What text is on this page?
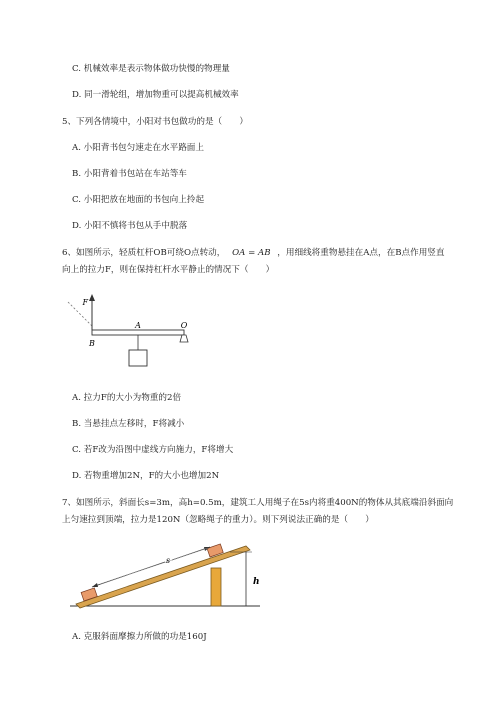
C. 机械效率是表示物体做功快慢的物理量
D. 同一滑轮组，增加物重可以提高机械效率
5、下列各情境中，小阳对书包做功的是（　　）
A. 小阳背书包匀速走在水平路面上
B. 小阳背着书包站在车站等车
C. 小阳把放在地面的书包向上拎起
D. 小阳不慎将书包从手中脱落
6、如图所示，轻质杠杆OB可绕O点转动， OA = AB ，用细线将重物悬挂在A点，在B点作用竖直
向上的拉力F，则在保持杠杆水平静止的情况下（　　）
F
A	O
B
A. 拉力F的大小为物重的2倍
B. 当悬挂点左移时，F将减小
C. 若F改为沿图中虚线方向施力，F将增大
D. 若物重增加2N，F的大小也增加2N
7、如图所示，斜面长s=3m，高h=0.5m，建筑工人用绳子在5s内将重400N的物体从其底端沿斜面向
上匀速拉到顶端，拉力是120N（忽略绳子的重力）。则下列说法正确的是（　　）
s
h
A. 克服斜面摩擦力所做的功是160J
